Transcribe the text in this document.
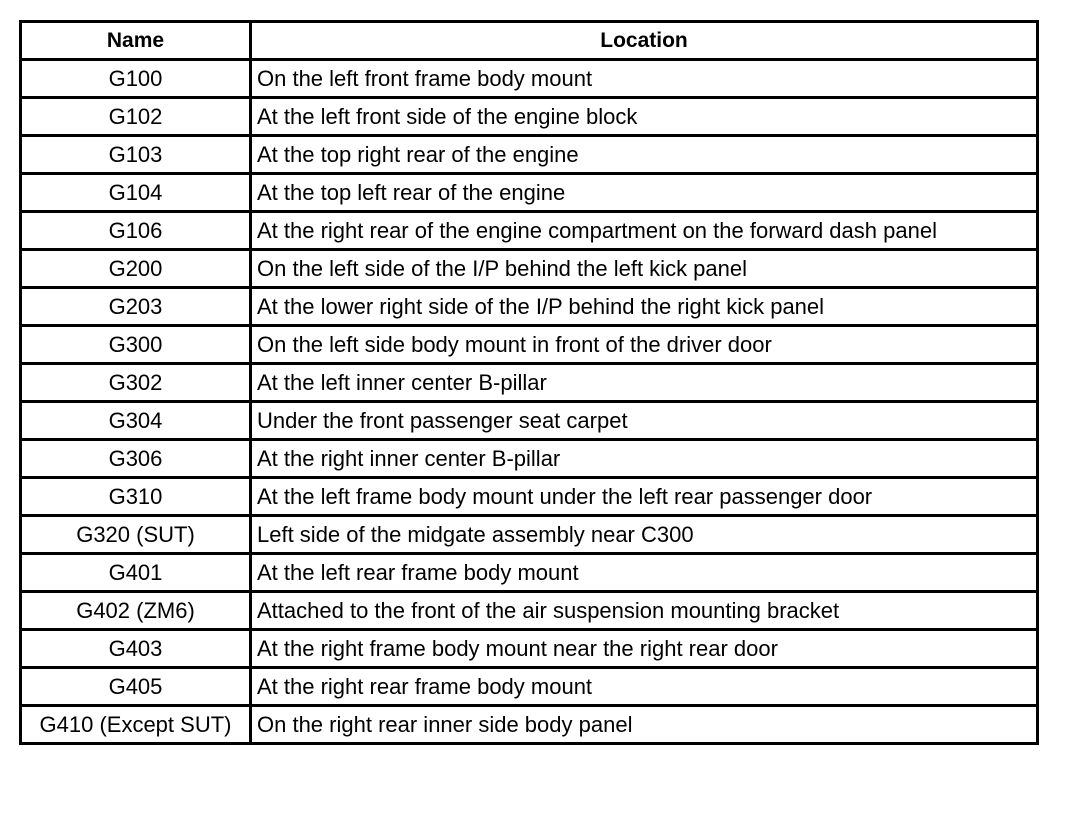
Name	Location
G100	On the left front frame body mount
G102	At the left front side of the engine block
G103	At the top right rear of the engine
G104	At the top left rear of the engine
G106	At the right rear of the engine compartment on the forward dash panel
G200	On the left side of the I/P behind the left kick panel
G203	At the lower right side of the I/P behind the right kick panel
G300	On the left side body mount in front of the driver door
G302	At the left inner center B-pillar
G304	Under the front passenger seat carpet
G306	At the right inner center B-pillar
G310	At the left frame body mount under the left rear passenger door
G320 (SUT)	Left side of the midgate assembly near C300
G401	At the left rear frame body mount
G402 (ZM6)	Attached to the front of the air suspension mounting bracket
G403	At the right frame body mount near the right rear door
G405	At the right rear frame body mount
G410 (Except SUT)	On the right rear inner side body panel
